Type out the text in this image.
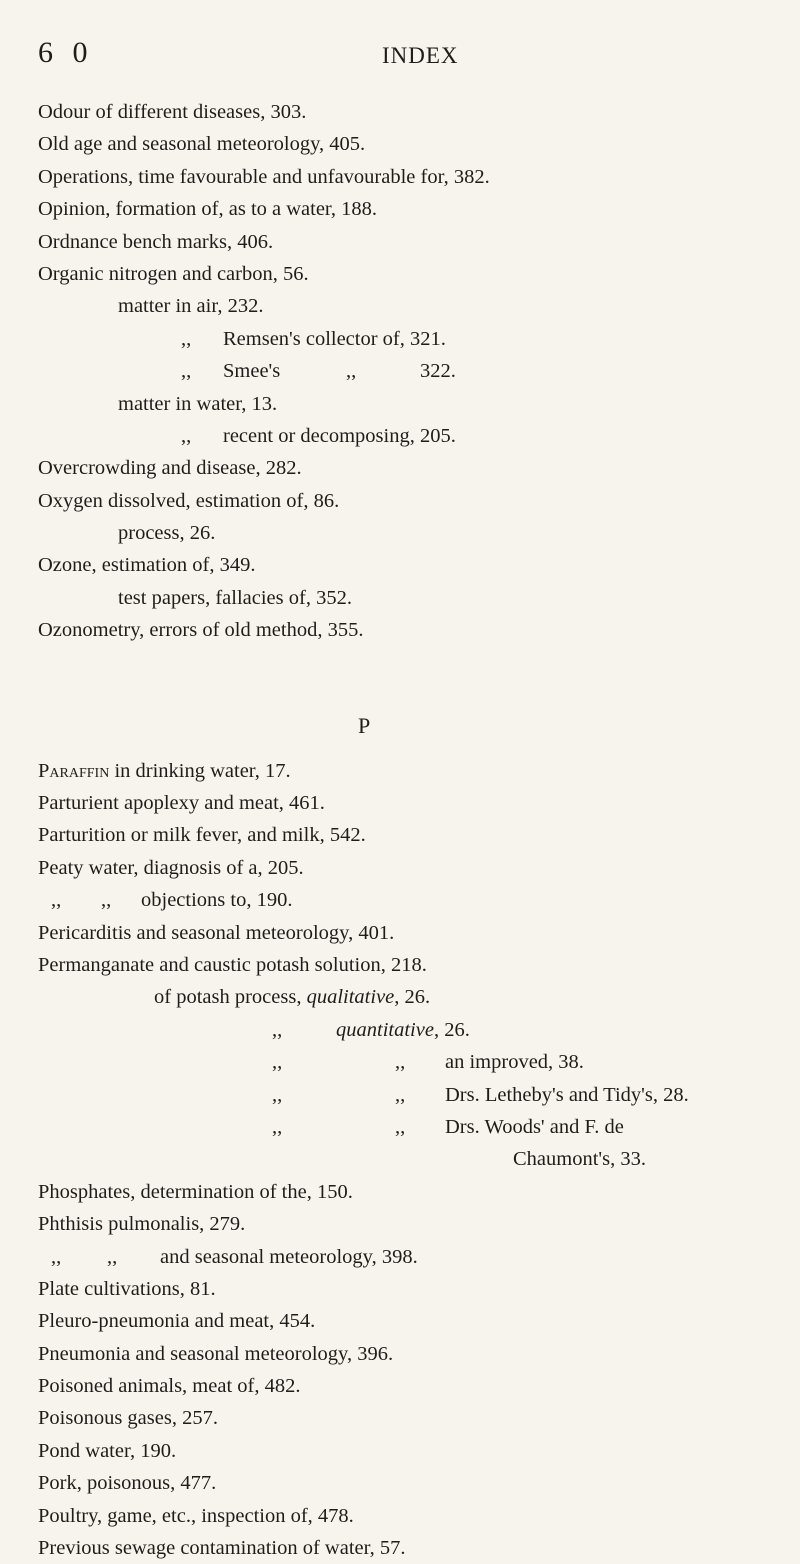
6 0	INDEX
Odour of different diseases, 303.
Old age and seasonal meteorology, 405.
Operations, time favourable and unfavourable for, 382.
Opinion, formation of, as to a water, 188.
Ordnance bench marks, 406.
Organic nitrogen and carbon, 56.
matter in air, 232.
,, Remsen's collector of, 321.
,, Smee's	,,	322.
matter in water, 13.
,, recent or decomposing, 205.
Overcrowding and disease, 282.
Oxygen dissolved, estimation of, 86.
process, 26.
Ozone, estimation of, 349.
test papers, fallacies of, 352.
Ozonometry, errors of old method, 355.
P
Paraffin in drinking water, 17.
Parturient apoplexy and meat, 461.
Parturition or milk fever, and milk, 542.
Peaty water, diagnosis of a, 205.
,, ,, objections to, 190.
Pericarditis and seasonal meteorology, 401.
Permanganate and caustic potash solution, 218.
of potash process, qualitative, 26.
,,	quantitative, 26.
,,	,, an improved, 38.
,,	,, Drs. Letheby's and Tidy's, 28.
,,	,, Drs. Woods' and F. de
Chaumont's, 33.
Phosphates, determination of the, 150.
Phthisis pulmonalis, 279.
,, ,, and seasonal meteorology, 398.
Plate cultivations, 81.
Pleuro-pneumonia and meat, 454.
Pneumonia and seasonal meteorology, 396.
Poisoned animals, meat of, 482.
Poisonous gases, 257.
Pond water, 190.
Pork, poisonous, 477.
Poultry, game, etc., inspection of, 478.
Previous sewage contamination of water, 57.
